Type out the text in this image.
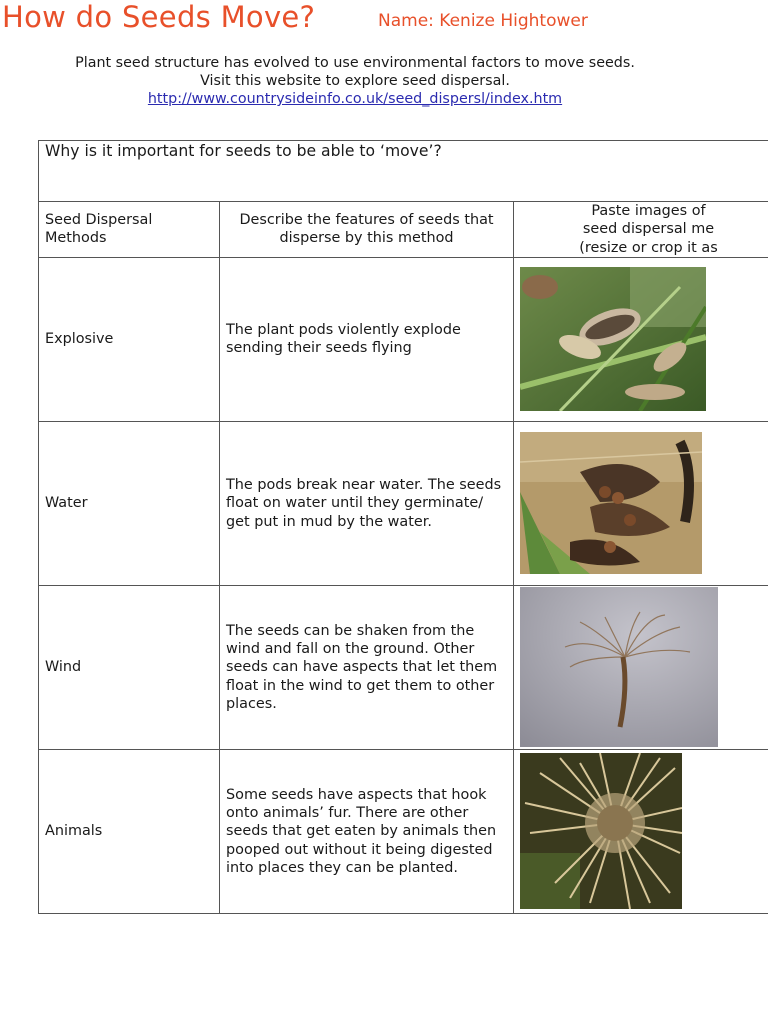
How do Seeds Move?	Name: Kenize Hightower
Plant seed structure has evolved to use environmental factors to move seeds.
Visit this website to explore seed dispersal.
http://www.countrysideinfo.co.uk/seed_dispersl/index.htm
Why is it important for seeds to be able to ‘move’?		

Seed Dispersal Methods	Describe the features of seeds that disperse by this method	Paste images of
seed dispersal me
(resize or crop it as

Explosive	The plant pods violently explode sending their seeds flying	

Water	The pods break near water. The seeds float on water until they germinate/ get put in mud by the water.	

Wind	The seeds can be shaken from the wind and fall on the ground. Other seeds can have aspects that let them float in the wind to get them to other places.	

Animals	Some seeds have aspects that hook onto animals’ fur. There are other seeds that get eaten by animals then pooped out without it being digested into places they can be planted.	
